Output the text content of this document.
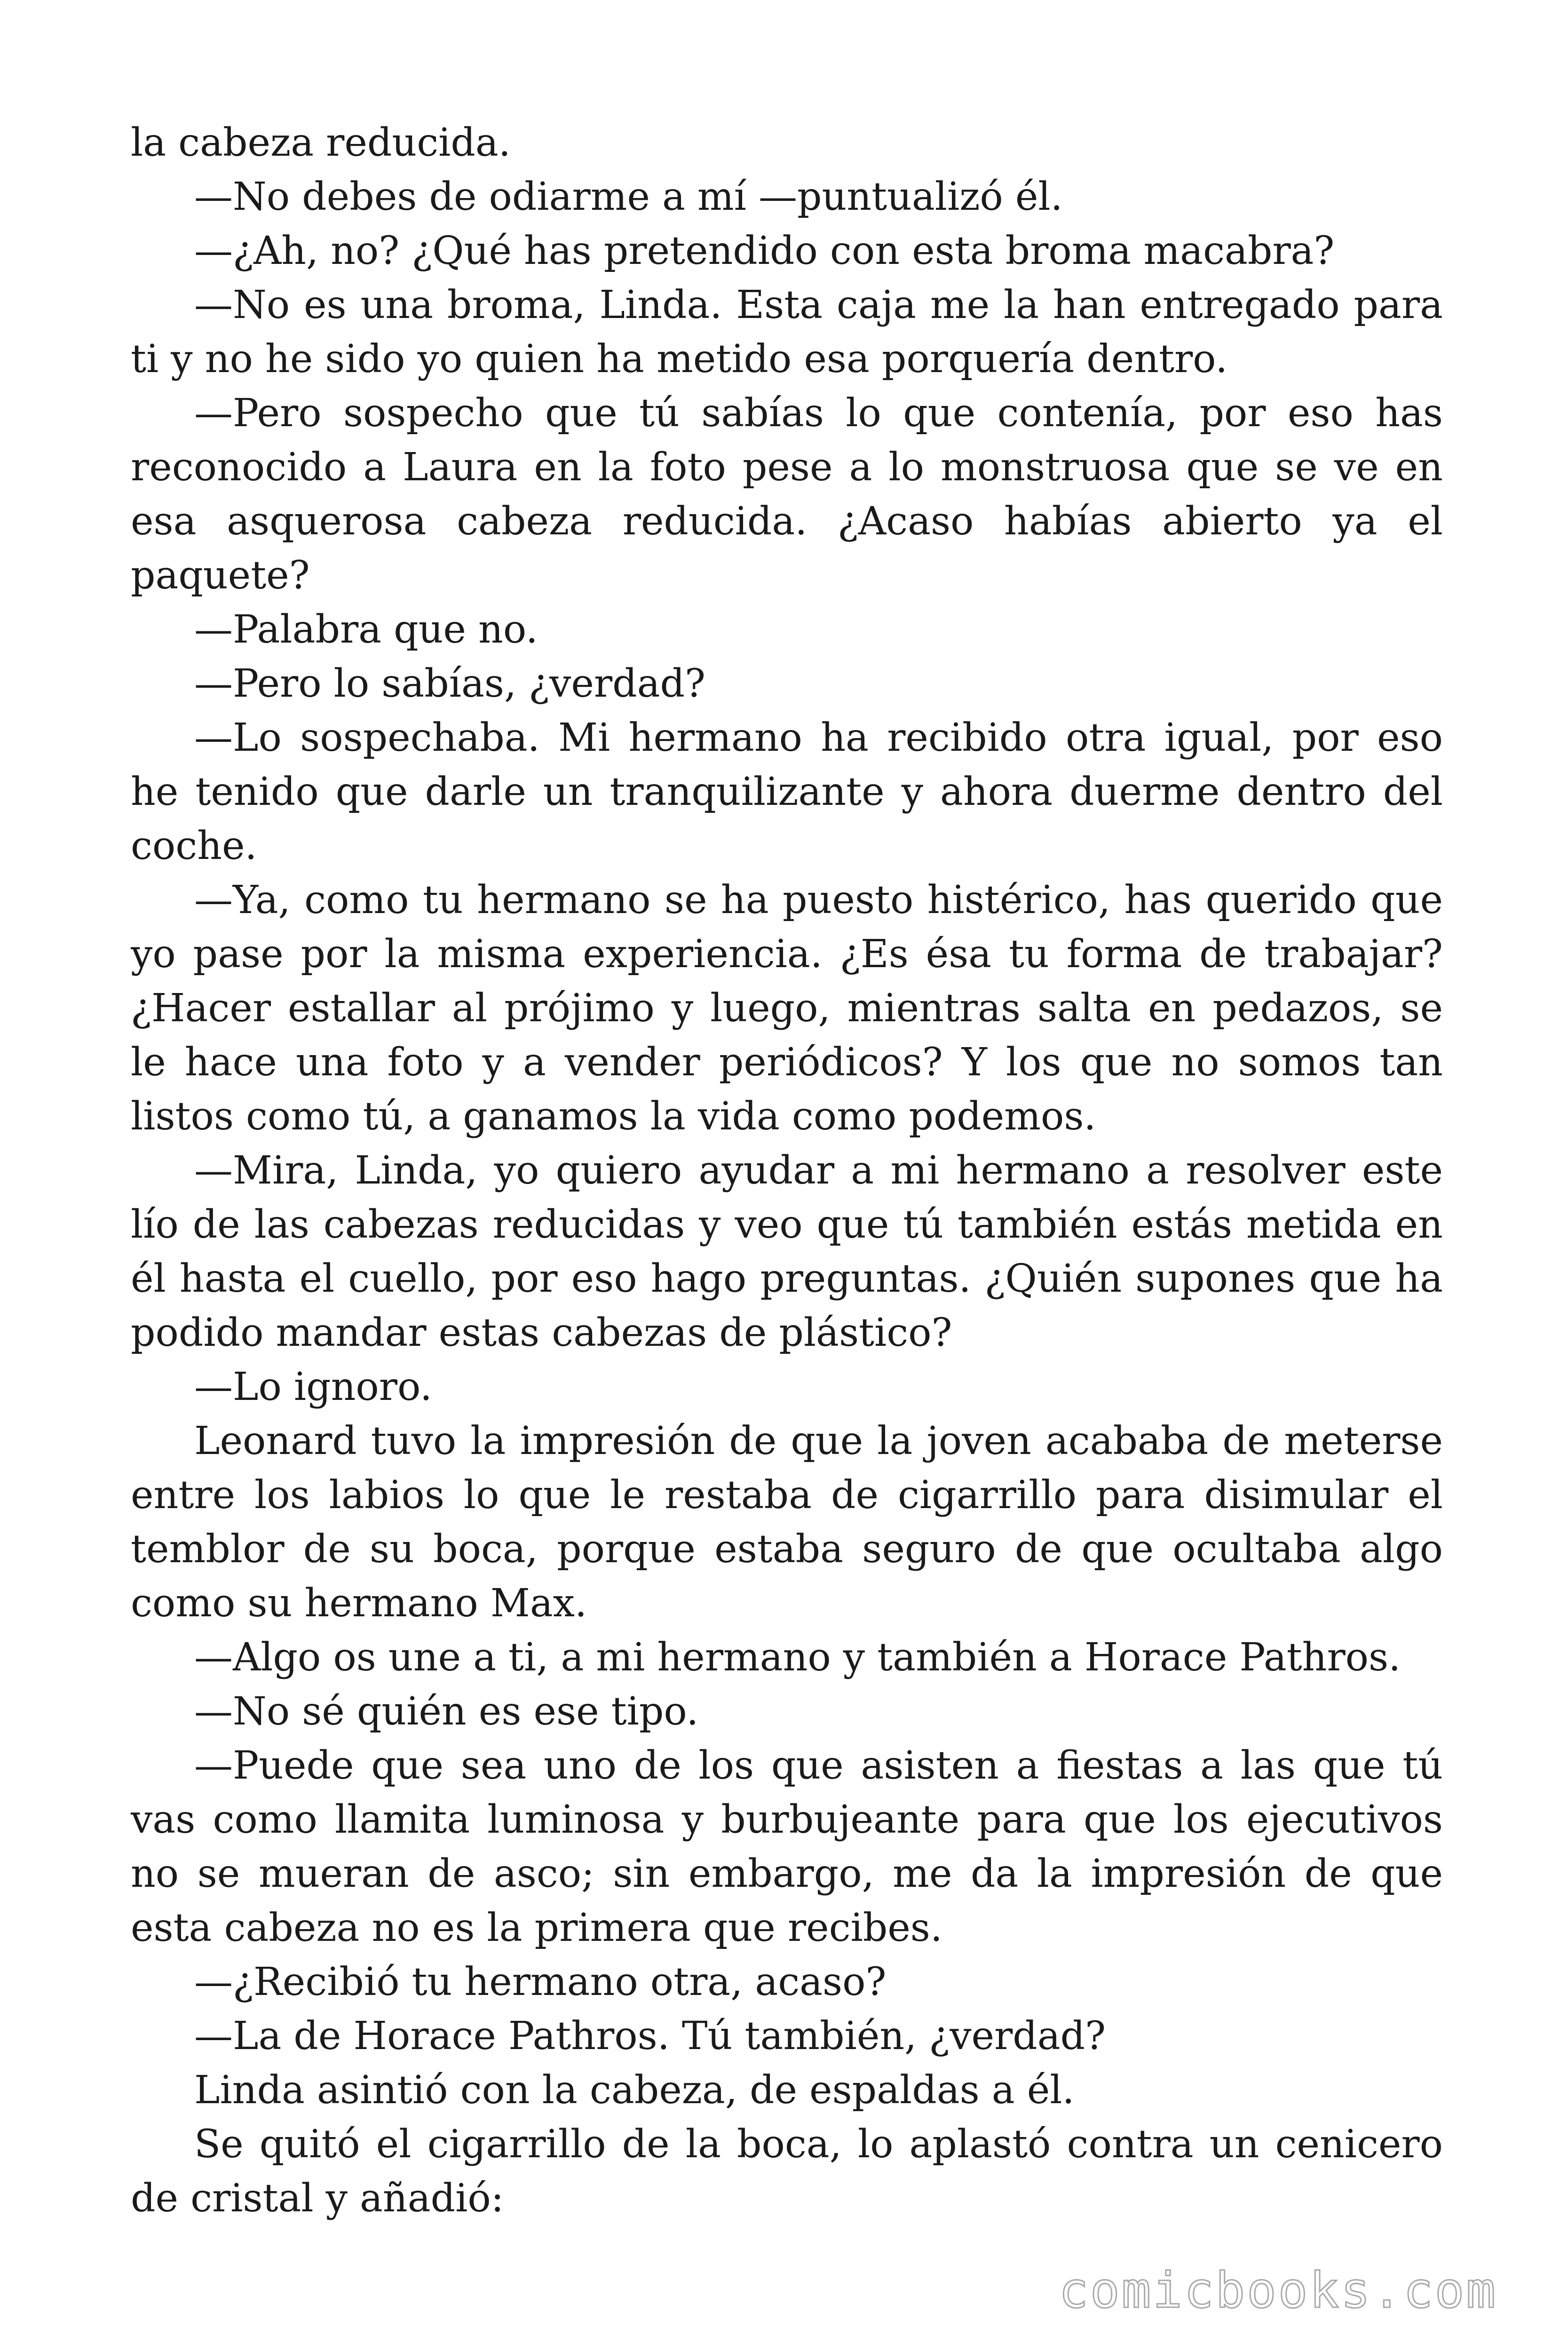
la cabeza reducida.

—No debes de odiarme a mí —puntualizó él.

—¿Ah, no? ¿Qué has pretendido con esta broma macabra?

—No es una broma, Linda. Esta caja me la han entregado para ti y no he sido yo quien ha metido esa porquería dentro.

—Pero sospecho que tú sabías lo que contenía, por eso has reconocido a Laura en la foto pese a lo monstruosa que se ve en esa asquerosa cabeza reducida. ¿Acaso habías abierto ya el paquete?

—Palabra que no.

—Pero lo sabías, ¿verdad?

—Lo sospechaba. Mi hermano ha recibido otra igual, por eso he tenido que darle un tranquilizante y ahora duerme dentro del coche.

—Ya, como tu hermano se ha puesto histérico, has querido que yo pase por la misma experiencia. ¿Es ésa tu forma de trabajar? ¿Hacer estallar al prójimo y luego, mientras salta en pedazos, se le hace una foto y a vender periódicos? Y los que no somos tan listos como tú, a ganamos la vida como podemos.

—Mira, Linda, yo quiero ayudar a mi hermano a resolver este lío de las cabezas reducidas y veo que tú también estás metida en él hasta el cuello, por eso hago preguntas. ¿Quién supones que ha podido mandar estas cabezas de plástico?

—Lo ignoro.

Leonard tuvo la impresión de que la joven acababa de meterse entre los labios lo que le restaba de cigarrillo para disimular el temblor de su boca, porque estaba seguro de que ocultaba algo como su hermano Max.

—Algo os une a ti, a mi hermano y también a Horace Pathros.

—No sé quién es ese tipo.

—Puede que sea uno de los que asisten a fiestas a las que tú vas como llamita luminosa y burbujeante para que los ejecutivos no se mueran de asco; sin embargo, me da la impresión de que esta cabeza no es la primera que recibes.

—¿Recibió tu hermano otra, acaso?

—La de Horace Pathros. Tú también, ¿verdad?

Linda asintió con la cabeza, de espaldas a él.

Se quitó el cigarrillo de la boca, lo aplastó contra un cenicero de cristal y añadió:

comicbooks.com
